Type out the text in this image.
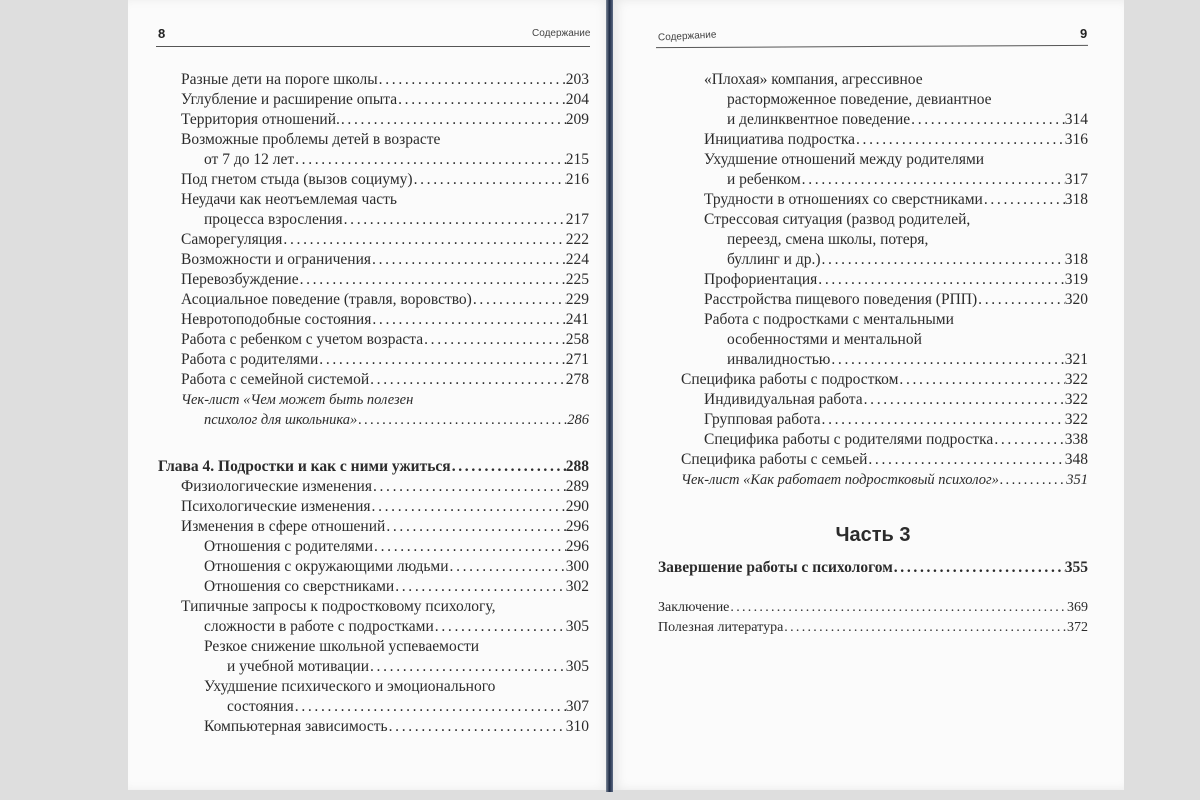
8	Содержание	Содержание	9
Разные дети на пороге школы . . .	203
Углубление и расширение опыта . . .	204
Территория отношений. . . .	209
Возможные проблемы детей в возрасте
от 7 до 12 лет . . .	215
Под гнетом стыда (вызов социуму) . . .	216
Неудачи как неотъемлемая часть
процесса взросления . . .	217
Саморегуляция . . .	222
Возможности и ограничения . . .	224
Перевозбуждение . . .	225
Асоциальное поведение (травля, воровство) . . .	229
Невротоподобные состояния . . .	241
Работа с ребенком с учетом возраста . . .	258
Работа с родителями . . .	271
Работа с семейной системой . . .	278
Чек-лист «Чем может быть полезен
психолог для школьника» . . .	286
Глава 4. Подростки и как с ними ужиться . . .	288
Физиологические изменения . . .	289
Психологические изменения . . .	290
Изменения в сфере отношений . . .	296
Отношения с родителями . . .	296
Отношения с окружающими людьми . . .	300
Отношения со сверстниками . . .	302
Типичные запросы к подростковому психологу,
сложности в работе с подростками . . .	305
Резкое снижение школьной успеваемости
и учебной мотивации . . .	305
Ухудшение психического и эмоционального
состояния . . .	307
Компьютерная зависимость . . .	310
«Плохая» компания, агрессивное
расторможенное поведение, девиантное
и делинквентное поведение . . .	314
Инициатива подростка . . .	316
Ухудшение отношений между родителями
и ребенком . . .	317
Трудности в отношениях со сверстниками . . .	318
Стрессовая ситуация (развод родителей,
переезд, смена школы, потеря,
буллинг и др.) . . .	318
Профориентация . . .	319
Расстройства пищевого поведения (РПП) . . .	320
Работа с подростками с ментальными
особенностями и ментальной
инвалидностью . . .	321
Специфика работы с подростком . . .	322
Индивидуальная работа . . .	322
Групповая работа . . .	322
Специфика работы с родителями подростка . . .	338
Специфика работы с семьей . . .	348
Чек-лист «Как работает подростковый психолог» . . .	351
Часть 3
Завершение работы с психологом . . .	355
Заключение . . .	369
Полезная литература . . .	372
